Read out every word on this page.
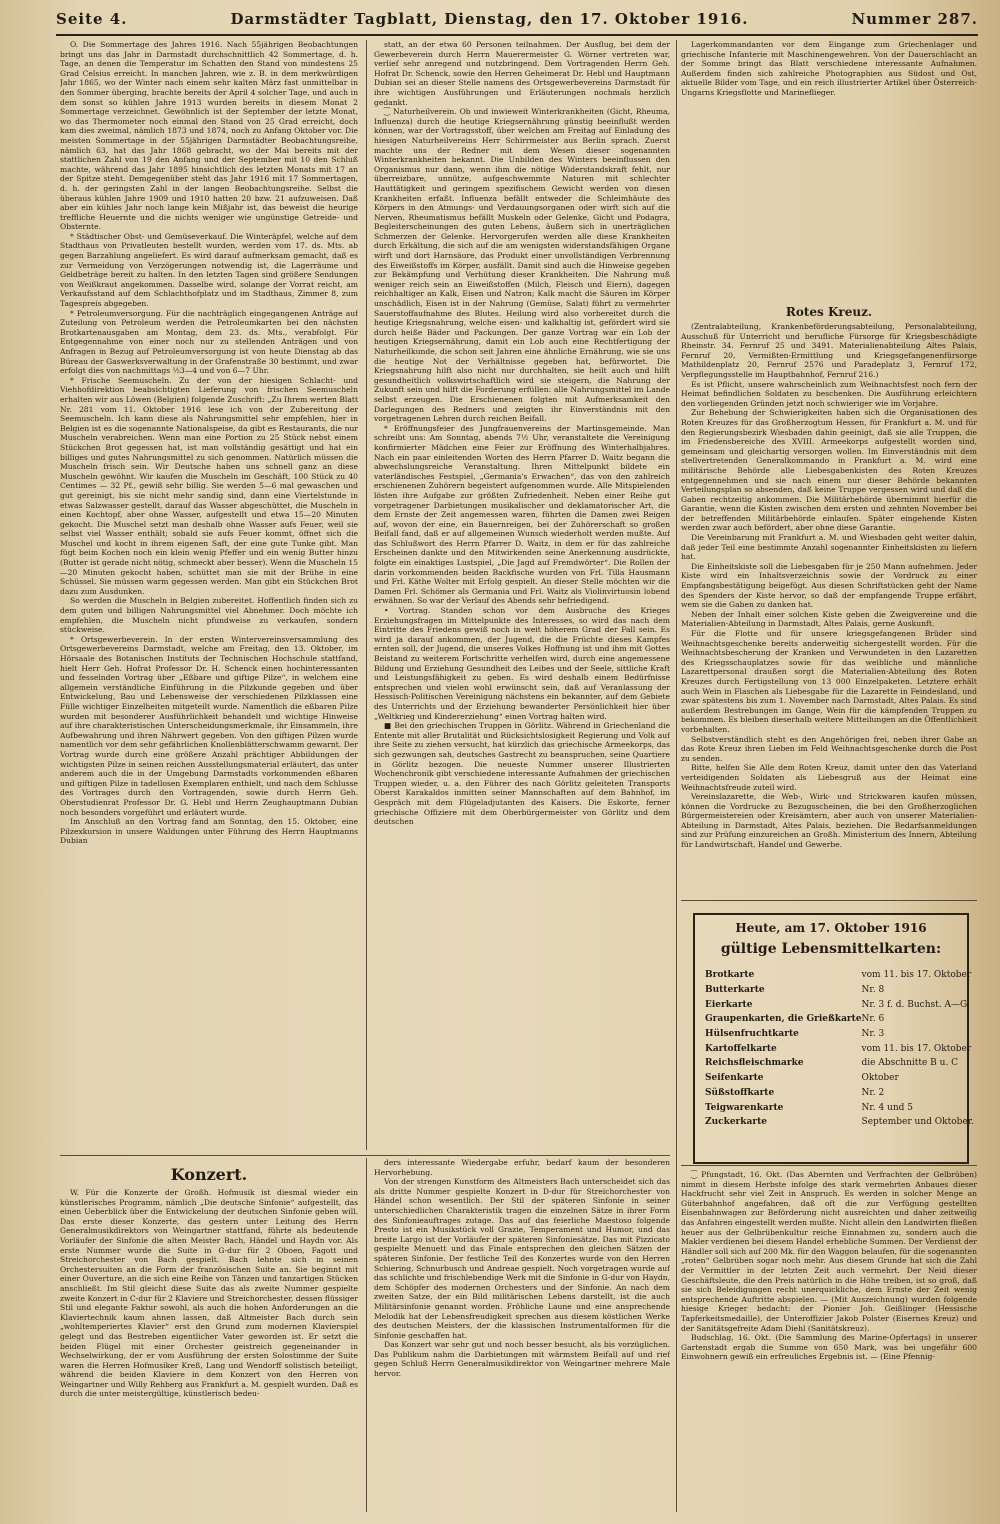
Seite 4.	Darmstädter Tagblatt, Dienstag, den 17. Oktober 1916.	Nummer 287.

O. Die Sommertage des Jahres 1916. Nach 55jährigen Beobachtungen bringt uns das Jahr in Darmstadt durchschnittlich 42 Sommertage, d. h. Tage, an denen die Temperatur im Schatten den Stand von mindestens 25 Grad Celsius erreicht. In manchen Jahren, wie z. B. in dem merkwürdigen Jahr 1865, wo der Winter nach einem sehr kalten März fast unmittelbar in den Sommer überging, brachte bereits der April 4 solcher Tage, und auch in dem sonst so kühlen Jahre 1913 wurden bereits in diesem Monat 2 Sommertage verzeichnet. Gewöhnlich ist der September der letzte Monat, wo das Thermometer noch einmal den Stand von 25 Grad erreicht, doch kam dies zweimal, nämlich 1873 und 1874, noch zu Anfang Oktober vor. Die meisten Sommertage in der 55jährigen Darmstädter Beobachtungsreihe, nämlich 63, hat das Jahr 1868 gebracht, wo der Mai bereits mit der stattlichen Zahl von 19 den Anfang und der September mit 10 den Schluß machte, während das Jahr 1895 hinsichtlich des letzten Monats mit 17 an der Spitze steht. Demgegenüber steht das Jahr 1916 mit 17 Sommertagen, d. h. der geringsten Zahl in der langen Beobachtungsreihe. Selbst die überaus kühlen Jahre 1909 und 1910 hatten 20 bzw. 21 aufzuweisen. Daß aber ein kühles Jahr noch lange kein Mißjahr ist, das beweist die heurige treffliche Heuernte und die nichts weniger wie ungünstige Getreide- und Obsternte.

* Städtischer Obst- und Gemüseverkauf. Die Winteräpfel, welche auf dem Stadthaus von Privatleuten bestellt wurden, werden vom 17. ds. Mts. ab gegen Barzahlung angeliefert. Es wird darauf aufmerksam gemacht, daß es zur Vermeidung von Verzögerungen notwendig ist, die Lagerräume und Geldbeträge bereit zu halten. In den letzten Tagen sind größere Sendungen von Weißkraut angekommen. Dasselbe wird, solange der Vorrat reicht, am Verkaufsstand auf dem Schlachthofplatz und im Stadthaus, Zimmer 8, zum Tagespreis abgegeben.

* Petroleumversorgung. Für die nachträglich eingegangenen Anträge auf Zuteilung von Petroleum werden die Petroleumkarten bei den nächsten Brotkartenausgaben am Montag, dem 23. ds. Mts., verabfolgt. Für Entgegennahme von einer noch nur zu stellenden Anträgen und von Anfragen in Bezug auf Petroleumversorgung ist von heute Dienstag ab das Büreau der Gaswerksverwaltung in der Grafenstraße 30 bestimmt, und zwar erfolgt dies von nachmittags ½3—4 und von 6—7 Uhr.

* Frische Seemuscheln. Zu der von der hiesigen Schlacht- und Viehhofdirektion beabsichtigten Lieferung von frischen Seemuscheln erhalten wir aus Löwen (Belgien) folgende Zuschrift: „Zu Ihrem werten Blatt Nr. 281 vom 11. Oktober 1916 lese ich von der Zubereitung der Seemuscheln. Ich kann diese als Nahrungsmittel sehr empfehlen, hier in Belgien ist es die sogenannte Nationalspeise, da gibt es Restaurants, die nur Muscheln verabreichen. Wenn man eine Portion zu 25 Stück nebst einem Stückchen Brot gegessen hat, ist man vollständig gesättigt und hat ein billiges und gutes Nahrungsmittel zu sich genommen. Natürlich müssen die Muscheln frisch sein. Wir Deutsche haben uns schnell ganz an diese Muscheln gewöhnt. Wir kaufen die Muscheln im Geschäft, 100 Stück zu 40 Centimes — 32 Pf., gewiß sehr billig. Sie werden 5—6 mal gewaschen und gut gereinigt, bis sie nicht mehr sandig sind, dann eine Viertelstunde in etwas Salzwasser gestellt, darauf das Wasser abgeschüttet, die Muscheln in einen Kochtopf, aber ohne Wasser, aufgestellt und etwa 15—20 Minuten gekocht. Die Muschel setzt man deshalb ohne Wasser aufs Feuer, weil sie selbst viel Wasser enthält; sobald sie aufs Feuer kommt, öffnet sich die Muschel und kocht in ihrem eigenen Saft, der eine gute Tunke gibt. Man fügt beim Kochen noch ein klein wenig Pfeffer und ein wenig Butter hinzu (Butter ist gerade nicht nötig, schmeckt aber besser). Wenn die Muscheln 15—20 Minuten gekocht haben, schüttet man sie mit der Brühe in eine Schüssel. Sie müssen warm gegessen werden. Man gibt ein Stückchen Brot dazu zum Ausdunken.

So werden die Muscheln in Belgien zubereitet. Hoffentlich finden sich zu dem guten und billigen Nahrungsmittel viel Abnehmer. Doch möchte ich empfehlen, die Muscheln nicht pfundweise zu verkaufen, sondern stückweise.

* Ortsgewerbeverein. In der ersten Wintervereinsversammlung des Ortsgewerbevereins Darmstadt, welche am Freitag, den 13. Oktober, im Hörsaale des Botanischen Instituts der Technischen Hochschule stattfand, hielt Herr Geh. Hofrat Professor Dr. H. Schenck einen hochinteressanten und fesselnden Vortrag über „Eßbare und giftige Pilze“, in welchem eine allgemein verständliche Einführung in die Pilzkunde gegeben und über Entwickelung, Bau und Lebensweise der verschiedenen Pilzklassen eine Fülle wichtiger Einzelheiten mitgeteilt wurde. Namentlich die eßbaren Pilze wurden mit besonderer Ausführlichkeit behandelt und wichtige Hinweise auf ihre charakteristischen Unterscheidungsmerkmale, ihr Einsammeln, ihre Aufbewahrung und ihren Nährwert gegeben. Von den giftigen Pilzen wurde namentlich vor dem sehr gefährlichen Knollenblätterschwamm gewarnt. Der Vortrag wurde durch eine größere Anzahl prächtiger Abbildungen der wichtigsten Pilze in seinen reichen Ausstellungsmaterial erläutert, das unter anderem auch die in der Umgebung Darmstadts vorkommenden eßbaren und giftigen Pilze in tadellosen Exemplaren enthielt, und nach dem Schlusse des Vortrages durch den Vortragenden, sowie durch Herrn Geh. Oberstudienrat Professor Dr. G. Hebl und Herrn Zeughauptmann Dubian noch besonders vorgeführt und erläutert wurde.

Im Anschluß an den Vortrag fand am Sonntag, den 15. Oktober, eine Pilzexkursion in unsere Waldungen unter Führung des Herrn Hauptmanns Dubian

statt, an der etwa 60 Personen teilnahmen. Der Ausflug, bei dem der Gewerbeverein durch Herrn Mauerermeister G. Wörner vertreten war, verlief sehr anregend und nutzbringend. Dem Vortragenden Herrn Geh. Hofrat Dr. Schenck, sowie den Herren Geheimerat Dr. Hebl und Hauptmann Dubian sei an dieser Stelle namens des Ortsgewerbevereins Darmstadt für ihre wichtigen Ausführungen und Erläuterungen nochmals herzlich gedankt.

⁐ Naturheilverein. Ob und inwieweit Winterkrankheiten (Gicht, Rheuma, Influenza) durch die heutige Kriegsernährung günstig beeinflußt werden können, war der Vortragsstoff, über welchen am Freitag auf Einladung des hiesigen Naturheilvereins Herr Schirrmeister aus Berlin sprach. Zuerst machte uns der Redner mit dem Wesen dieser sogenannten Winterkrankheiten bekannt. Die Unbilden des Winters beeinflussen den Organismus nur dann, wenn ihm die nötige Widerstandskraft fehlt, nur überreizbare, unnütze, aufgeschwemmte Naturen mit schlechter Hauttätigkeit und geringem spezifischem Gewicht werden von diesen Krankheiten erfaßt. Influenza befällt entweder die Schleimhäute des Körpers in den Atmungs- und Verdauungsorganen oder wirft sich auf die Nerven, Rheumatismus befällt Muskeln oder Gelenke, Gicht und Podagra, Begleiterscheinungen des guten Lebens, äußern sich in unerträglichen Schmerzen der Gelenke. Hervorgerufen werden alle diese Krankheiten durch Erkältung, die sich auf die am wenigsten widerstandsfähigen Organe wirft und dort Harnsäure, das Produkt einer unvollständigen Verbrennung des Eiweißstoffs im Körper, ausfällt. Damit sind auch die Hinweise gegeben zur Bekämpfung und Verhütung dieser Krankheiten. Die Nahrung muß weniger reich sein an Eiweißstoffen (Milch, Fleisch und Eiern), dagegen reichhaltiger an Kalk, Eisen und Natron; Kalk macht die Säuren im Körper unschädlich, Eisen ist in der Nahrung (Gemüse, Salat) führt zu vermehrter Sauerstoffaufnahme des Blutes. Heilung wird also vorbereitet durch die heutige Kriegsnahrung, welche eisen- und kalkhaltig ist, gefördert wird sie durch heiße Bäder und Packungen. Der ganze Vortrag war ein Lob der heutigen Kriegsernährung, damit ein Lob auch eine Rechtfertigung der Naturheilkunde, die schon seit Jahren eine ähnliche Ernährung, wie sie uns die heutige Not der Verhältnisse gegeben hat, befürwortet. Die Kriegsnahrung hilft also nicht nur durchhalten, sie heilt auch und hilft gesundheitlich volkswirtschaftlich wird sie steigern, die Nahrung der Zukunft sein und hilft die Forderung erfüllen: alle Nahrungsmittel im Lande selbst erzeugen. Die Erschienenen folgten mit Aufmerksamkeit den Darlegungen des Redners und zeigten ihr Einverständnis mit den vorgetragenen Lehren durch reichen Beifall.

* Eröffnungsfeier des Jungfrauenvereins der Martinsgemeinde. Man schreibt uns: Am Sonntag, abends 7½ Uhr, veranstaltete die Vereinigung konfirmierter Mädchen eine Feier zur Eröffnung des Winterhalbjahres. Nach ein paar einleitenden Worten des Herrn Pfarrer D. Waitz begann die abwechslungsreiche Veranstaltung. Ihren Mittelpunkt bildete ein vaterländisches Festspiel, „Germania's Erwachen“, das von den zahlreich erschienenen Zuhörern begeistert aufgenommen wurde. Alle Mitspielenden lösten ihre Aufgabe zur größten Zufriedenheit. Neben einer Reihe gut vorgetragener Darbietungen musikalischer und deklamatorischer Art, die dem Ernste der Zeit angemessen waren, führten die Damen zwei Reigen auf, wovon der eine, ein Bauernreigen, bei der Zuhörerschaft so großen Beifall fand, daß er auf allgemeinen Wunsch wiederholt werden mußte. Auf das Schlußwort des Herrn Pfarrer D. Waitz, in dem er für das zahlreiche Erscheinen dankte und den Mitwirkenden seine Anerkennung ausdrückte, folgte ein einaktiges Lustspiel, „Die Jagd auf Fremdwörter“. Die Rollen der darin vorkommenden beiden Backfische wurden von Frl. Tilla Hausmann und Frl. Käthe Wolter mit Erfolg gespielt. An dieser Stelle möchten wir die Damen Frl. Schömer als Germania und Frl. Waitz als Violinvirtuosin lobend erwähnen. So war der Verlauf des Abends sehr befriedigend.

• Vortrag. Standen schon vor dem Ausbruche des Krieges Erziehungsfragen im Mittelpunkte des Interesses, so wird das nach dem Eintritte des Friedens gewiß noch in weit höherem Grad der Fall sein. Es wird ja darauf ankommen, der Jugend, die die Früchte dieses Kampfes ernten soll, der Jugend, die unseres Volkes Hoffnung ist und ihm mit Gottes Beistand zu weiterem Fortschritte verhelfen wird, durch eine angemessene Bildung und Erziehung Gesundheit des Leibes und der Seele, sittliche Kraft und Leistungsfähigkeit zu geben. Es wird deshalb einem Bedürfnisse entsprechen und vielen wohl erwünscht sein, daß auf Veranlassung der Hessisch-Politischen Vereinigung nächstens ein bekannter, auf dem Gebiete des Unterrichts und der Erziehung bewanderter Persönlichkeit hier über „Weltkrieg und Kindererziehung“ einen Vortrag halten wird.

■ Bei den griechischen Truppen in Görlitz. Während in Griechenland die Entente mit aller Brutalität und Rücksichtslosigkeit Regierung und Volk auf ihre Seite zu ziehen versucht, hat kürzlich das griechische Armeekorps, das sich gezwungen sah, deutsches Gastrecht zu beanspruchen, seine Quartiere in Görlitz bezogen. Die neueste Nummer unserer Illustrierten Wochenchronik gibt verschiedene interessante Aufnahmen der griechischen Truppen wieder, u. a. den Führer des nach Görlitz geleiteten Transports Oberst Karakaldos inmitten seiner Mannschaften auf dem Bahnhof, im Gespräch mit dem Flügeladjutanten des Kaisers. Die Eskorte, ferner griechische Offiziere mit dem Oberbürgermeister von Görlitz und dem deutschen

Lagerkommandanten vor dem Eingange zum Griechenlager und griechische Infanterie mit Maschinengewehren. Von der Dauerschlacht an der Somme bringt das Blatt verschiedene interessante Aufnahmen. Außerdem finden sich zahlreiche Photographien aus Südost und Ost, aktuelle Bilder vom Tage, und ein reich illustrierter Artikel über Österreich-Ungarns Kriegsflotte und Marineflieger.

Rotes Kreuz.

(Zentralabteilung, Krankenbeförderungsabteilung, Personalabteilung, Ausschuß für Unterricht und berufliche Fürsorge für Kriegsbeschädigte Rheinstr. 34. Fernruf 25 und 3491. Materialienabteilung Altes Palais, Fernruf 20, Vermißten-Ermittlung und Kriegsgefangenenfürsorge Mathildenplatz 20, Fernruf 2576 und Paradeplatz 3, Fernruf 172, Verpflegungsstelle im Hauptbahnhof, Fernruf 216.)

Es ist Pflicht, unsere wahrscheinlich zum Weihnachtsfest noch fern der Heimat befindlichen Soldaten zu beschenken. Die Ausführung erleichtern den vorliegenden Gründen jetzt noch schwieriger wie im Vorjahre.

Zur Behebung der Schwierigkeiten haben sich die Organisationen des Roten Kreuzes für das Großherzogtum Hessen, für Frankfurt a. M. und für den Regierungsbezirk Wiesbaden dahin geeinigt, daß sie alle Truppen, die im Friedensbereiche des XVIII. Armeekorps aufgestellt worden sind, gemeinsam und gleichartig versorgen wollen. Im Einverständnis mit dem stellvertretenden Generalkommando in Frankfurt a. M. wird eine militärische Behörde alle Liebesgabenkisten des Roten Kreuzes entgegennehmen und sie nach einem nur dieser Behörde bekannten Verteilungsplan so absenden, daß keine Truppe vergessen wird und daß die Gaben rechtzeitig ankommen. Die Militärbehörde übernimmt hierfür die Garantie, wenn die Kisten zwischen dem ersten und zehnten November bei der betreffenden Militärbehörde einlaufen. Später eingehende Kisten werden zwar auch befördert, aber ohne diese Garantie.

Die Vereinbarung mit Frankfurt a. M. und Wiesbaden geht weiter dahin, daß jeder Teil eine bestimmte Anzahl sogenannter Einheitskisten zu liefern hat.

Die Einheitskiste soll die Liebesgaben für je 250 Mann aufnehmen. Jeder Kiste wird ein Inhaltsverzeichnis sowie der Vordruck zu einer Empfangsbestätigung beigefügt. Aus diesen Schriftstücken geht der Name des Spenders der Kiste hervor, so daß der empfangende Truppe erfährt, wem sie die Gaben zu danken hat.

Neben der Inhalt einer solchen Kiste geben die Zweigvereine und die Materialien-Abteilung in Darmstadt, Altes Palais, gerne Auskunft.

Für die Flotte und für unsere kriegsgefangenen Brüder sind Weihnachtsgeschenke bereits anderweitig sichergestellt worden. Für die Weihnachtsbescherung der Kranken und Verwundeten in den Lazaretten des Kriegsschauplatzes sowie für das weibliche und männliche Lazarettpersonal draußen sorgt die Materialien-Abteilung des Roten Kreuzes durch Fertigstellung von 13 000 Einzelpaketen. Letztere erhält auch Wein in Flaschen als Liebesgabe für die Lazarette in Feindesland, und zwar spätestens bis zum 1. November nach Darmstadt, Altes Palais. Es sind außerdem Bestrebungen im Gange, Wein für die kämpfenden Truppen zu bekommen. Es bleiben dieserhalb weitere Mitteilungen an die Öffentlichkeit vorbehalten.

Selbstverständlich steht es den Angehörigen frei, neben ihrer Gabe an das Rote Kreuz ihren Lieben im Feld Weihnachtsgeschenke durch die Post zu senden.

Bitte, helfen Sie Alle dem Roten Kreuz, damit unter den das Vaterland verteidigenden Soldaten als Liebesgruß aus der Heimat eine Weihnachtsfreude zuteil wird.

Vereinslazarette, die Web-, Wirk- und Strickwaren kaufen müssen, können die Vordrucke zu Bezugsscheinen, die bei den Großherzoglichen Bürgermeistereien oder Kreisämtern, aber auch von unserer Materialien-Abteilung in Darmstadt, Altes Palais, beziehen. Die Bedarfsanmeldungen sind zur Prüfung einzureichen an Großh. Ministerium des Innern, Abteilung für Landwirtschaft, Handel und Gewerbe.

Heute, am 17. Oktober 1916
gültige Lebensmittelkarten:
Brotkarte	vom 11. bis 17. Oktober
Butterkarte	Nr. 8
Eierkarte	Nr. 3 f. d. Buchst. A—G
Graupenkarten, die Grießkarte	Nr. 6
Hülsenfruchtkarte	Nr. 3
Kartoffelkarte	vom 11. bis 17. Oktober
Reichsfleischmarke	die Abschnitte B u. C
Seifenkarte	Oktober
Süßstoffkarte	Nr. 2
Teigwarenkarte	Nr. 4 und 5
Zuckerkarte	September und Oktober.
Konzert.

W. Für die Konzerte der Großh. Hofmusik ist diesmal wieder ein künstlerisches Programm, nämlich „Die deutsche Sinfonie“ aufgestellt, das einen Ueberblick über die Entwickelung der deutschen Sinfonie geben will. Das erste dieser Konzerte, das gestern unter Leitung des Herrn Generalmusikdirektors von Weingartner stattfand, führte als bedeutende Vorläufer der Sinfonie die alten Meister Bach, Händel und Haydn vor. Als erste Nummer wurde die Suite in G-dur für 2 Oboen, Fagott und Streichorchester von Bach gespielt. Bach lehnte sich in seinen Orchestersuiten an die Form der französischen Suite an. Sie beginnt mit einer Ouverture, an die sich eine Reihe von Tänzen und tanzartigen Stücken anschließt. Im Stil gleicht diese Suite das als zweite Nummer gespielte zweite Konzert in C-dur für 2 Klaviere und Streichorchester, dessen flüssiger Stil und elegante Faktur sowohl, als auch die hohen Anforderungen an die Klaviertechnik kaum ahnen lassen, daß Altmeister Bach durch sein „wohltemperiertes Klavier“ erst den Grund zum modernen Klavierspiel gelegt und das Bestreben eigentlicher Vater geworden ist. Er setzt die beiden Flügel mit einer Orchester geistreich gegeneinander in Wechselwirkung, der er vom Ausführung der ersten Solostimme der Suite waren die Herren Hofmusiker Kreß, Lang und Wendorff solistisch beteiligt, während die beiden Klaviere in dem Konzert von den Herren von Weingartner und Willy Rehberg aus Frankfurt a. M. gespielt wurden. Daß es durch die unter meistergültige, künstlerisch bedeu-

ders interessante Wiedergabe erfuhr, bedarf kaum der besonderen Hervorhebung.

Von der strengen Kunstform des Altmeisters Bach unterscheidet sich das als dritte Nummer gespielte Konzert in D-dur für Streichorchester von Händel schon wesentlich. Der Stil der späteren Sinfonie in seiner unterschiedlichen Charakteristik tragen die einzelnen Sätze in ihrer Form des Sinfonieauftrages zutage. Das auf das feierliche Maestoso folgende Presto ist ein Musikstück voll Grazie, Temperament und Humor, und das breite Largo ist der Vorläufer der späteren Sinfoniesätze. Das mit Pizzicato gespielte Menuett und das Finale entsprechen den gleichen Sätzen der späteren Sinfonie. Der festliche Teil des Konzertes wurde von den Herren Schiering, Schnurbusch und Andreae gespielt. Noch vorgetragen wurde auf das schlichte und frischlebendige Werk mit die Sinfonie in G-dur von Haydn, dem Schöpfer des modernen Orchesters und der Sinfonie. An nach dem zweiten Satze, der ein Bild militärischen Lebens darstellt, ist die auch Militärsinfonie genannt worden. Fröhliche Laune und eine ansprechende Melodik hat der Lebensfreudigkeit sprechen aus diesem köstlichen Werke des deutschen Meisters, der die klassischen Instrumentalformen für die Sinfonie geschaffen hat.

Das Konzert war sehr gut und noch besser besucht, als bis vorzüglichen. Das Publikum nahm die Darbietungen mit wärmstem Beifall auf und rief gegen Schluß Herrn Generalmusikdirektor von Weingartner mehrere Male hervor.

⁐ Pfungstadt, 16. Okt. (Das Abernten und Verfrachten der Gelbrüben) nimmt in diesem Herbste infolge des stark vermehrten Anbaues dieser Hackfrucht sehr viel Zeit in Anspruch. Es werden in solcher Menge an Güterbahnhof angefahren, daß oft die zur Verfügung gestellten Eisenbahnwagen zur Beförderung nicht ausreichten und daher zeitweilig das Anfahren eingestellt werden mußte. Nicht allein den Landwirten fließen heuer aus der Gelbrübenkultur reiche Einnahmen zu, sondern auch die Makler verdienen bei diesem Handel erhebliche Summen. Der Verdienst der Händler soll sich auf 200 Mk. für den Waggon belaufen, für die sogenannten „roten“ Gelbrüben sogar noch mehr. Aus diesem Grunde hat sich die Zahl der Vermittler in der letzten Zeit auch vermehrt. Der Neid dieser Geschäftsleute, die den Preis natürlich in die Höhe treiben, ist so groß, daß sie sich Beleidigungen recht unerquickliche, dem Ernste der Zeit wenig entsprechende Auftritte abspielen. — (Mit Auszeichnung) wurden folgende hiesige Krieger bedacht: der Pionier Joh. Geißlinger (Hessische Tapferkeitsmedaille), der Unteroffizier Jakob Polster (Eisernes Kreuz) und der Sanitätsgefreite Adam Diehl (Sanitätskreuz).

Budschlag, 16. Okt. (Die Sammlung des Marine-Opfertags) in unserer Gartenstadt ergab die Summe von 650 Mark, was bei ungefähr 600 Einwohnern gewiß ein erfreuliches Ergebnis ist. — (Eine Pfennig-
